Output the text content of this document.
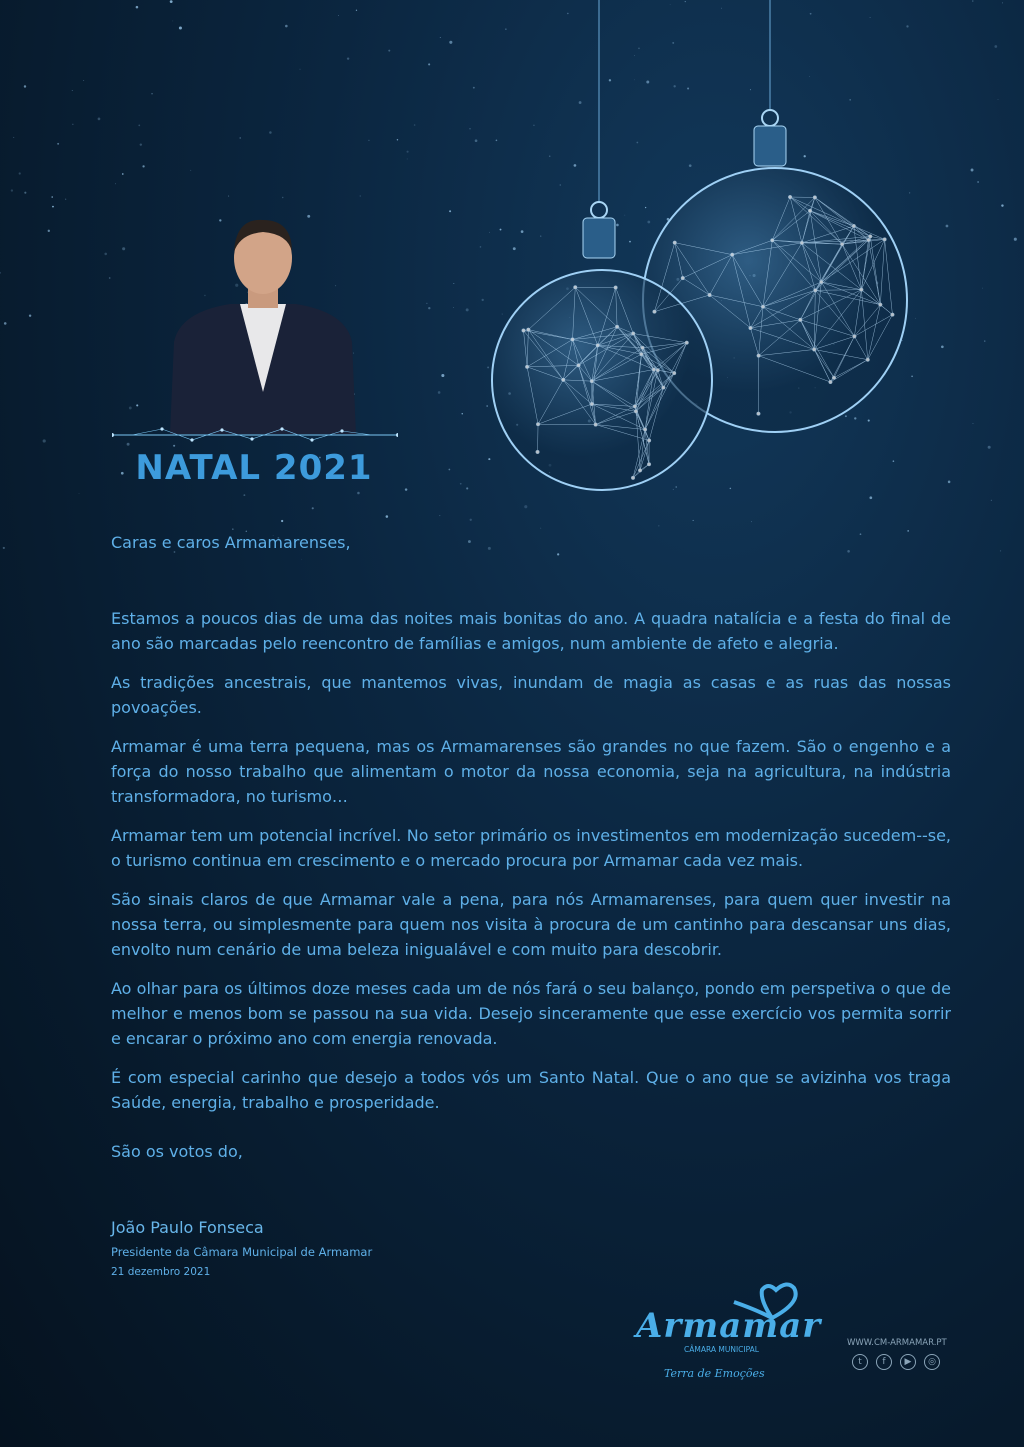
NATAL 2021
Caras e caros Armamarenses,

Estamos a poucos dias de uma das noites mais bonitas do ano. A quadra natalícia e a festa do final de ano são marcadas pelo reencontro de famílias e amigos, num ambiente de afeto e alegria.

As tradições ancestrais, que mantemos vivas, inundam de magia as casas e as ruas das nossas povoações.

Armamar é uma terra pequena, mas os Armamarenses são grandes no que fazem. São o engenho e a força do nosso trabalho que alimentam o motor da nossa economia, seja na agricultura, na indústria transformadora, no turismo…

Armamar tem um potencial incrível. No setor primário os investimentos em modernização sucedem--se, o turismo continua em crescimento e o mercado procura por Armamar cada vez mais.

São sinais claros de que Armamar vale a pena, para nós Armamarenses, para quem quer investir na nossa terra, ou simplesmente para quem nos visita à procura de um cantinho para descansar uns dias, envolto num cenário de uma beleza inigualável e com muito para descobrir.

Ao olhar para os últimos doze meses cada um de nós fará o seu balanço, pondo em perspetiva o que de melhor e menos bom se passou na sua vida. Desejo sinceramente que esse exercício vos permita sorrir e encarar o próximo ano com energia renovada.

É com especial carinho que desejo a todos vós um Santo Natal. Que o ano que se avizinha vos traga Saúde, energia, trabalho e prosperidade.

São os votos do,
João Paulo Fonseca
Presidente da Câmara Municipal de Armamar
21 dezembro 2021
Armamar
CÂMARA MUNICIPAL
Terra de Emoções
WWW.CM-ARMAMAR.PT
t	f	▶	◎
